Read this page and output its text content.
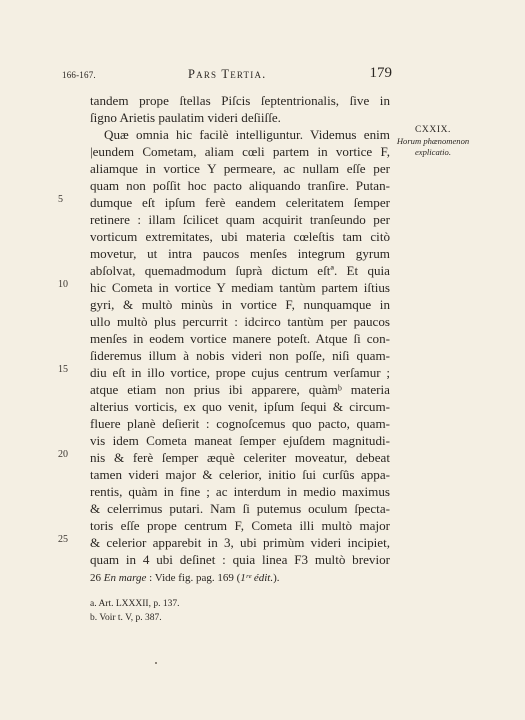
166-167.	Pars Tertia.	179
CXXIX.
Horum phænomenon
explicatio.
tandem prope ſtellas Piſcis ſeptentrionalis, ſive in
ſigno Arietis paulatim videri deſiiſſe.
Quæ omnia hic facilè intelliguntur. Videmus enim
|eundem Cometam, aliam cœli partem in vortice F,
aliamque in vortice Y permeare, ac nullam eſſe per
quam non poſſit hoc pacto aliquando tranſire. Putan-
dumque eſt ipſum ferè eandem celeritatem ſemper
retinere : illam ſcilicet quam acquirit tranſeundo per
vorticum extremitates, ubi materia cœleſtis tam citò
movetur, ut intra paucos menſes integrum gyrum
abſolvat, quemadmodum ſuprà dictum eſtª. Et quia
hic Cometa in vortice Y mediam tantùm partem iſtius
gyri, & multò minùs in vortice F, nunquamque in
ullo multò plus percurrit : idcirco tantùm per paucos
menſes in eodem vortice manere poteſt. Atque ſi con-
ſideremus illum à nobis videri non poſſe, niſi quam-
diu eſt in illo vortice, prope cujus centrum verſamur ;
atque etiam non prius ibi apparere, quàmᵇ materia
alterius vorticis, ex quo venit, ipſum ſequi & circum-
fluere planè deſierit : cognoſcemus quo pacto, quam-
vis idem Cometa maneat ſemper ejuſdem magnitudi-
nis & ferè ſemper æquè celeriter moveatur, debeat
tamen videri major & celerior, initio ſui curſûs appa-
rentis, quàm in fine ; ac interdum in medio maximus
& celerrimus putari. Nam ſi putemus oculum ſpecta-
toris eſſe prope centrum F, Cometa illi multò major
& celerior apparebit in 3, ubi primùm videri incipiet,
quam in 4 ubi deſinet : quia linea F3 multò brevior
26 En marge : Vide fig. pag. 169 (1ʳᵉ édit.).
a. Art. LXXXII, p. 137.
b. Voir t. V, p. 387.
5
10
15
20
25
